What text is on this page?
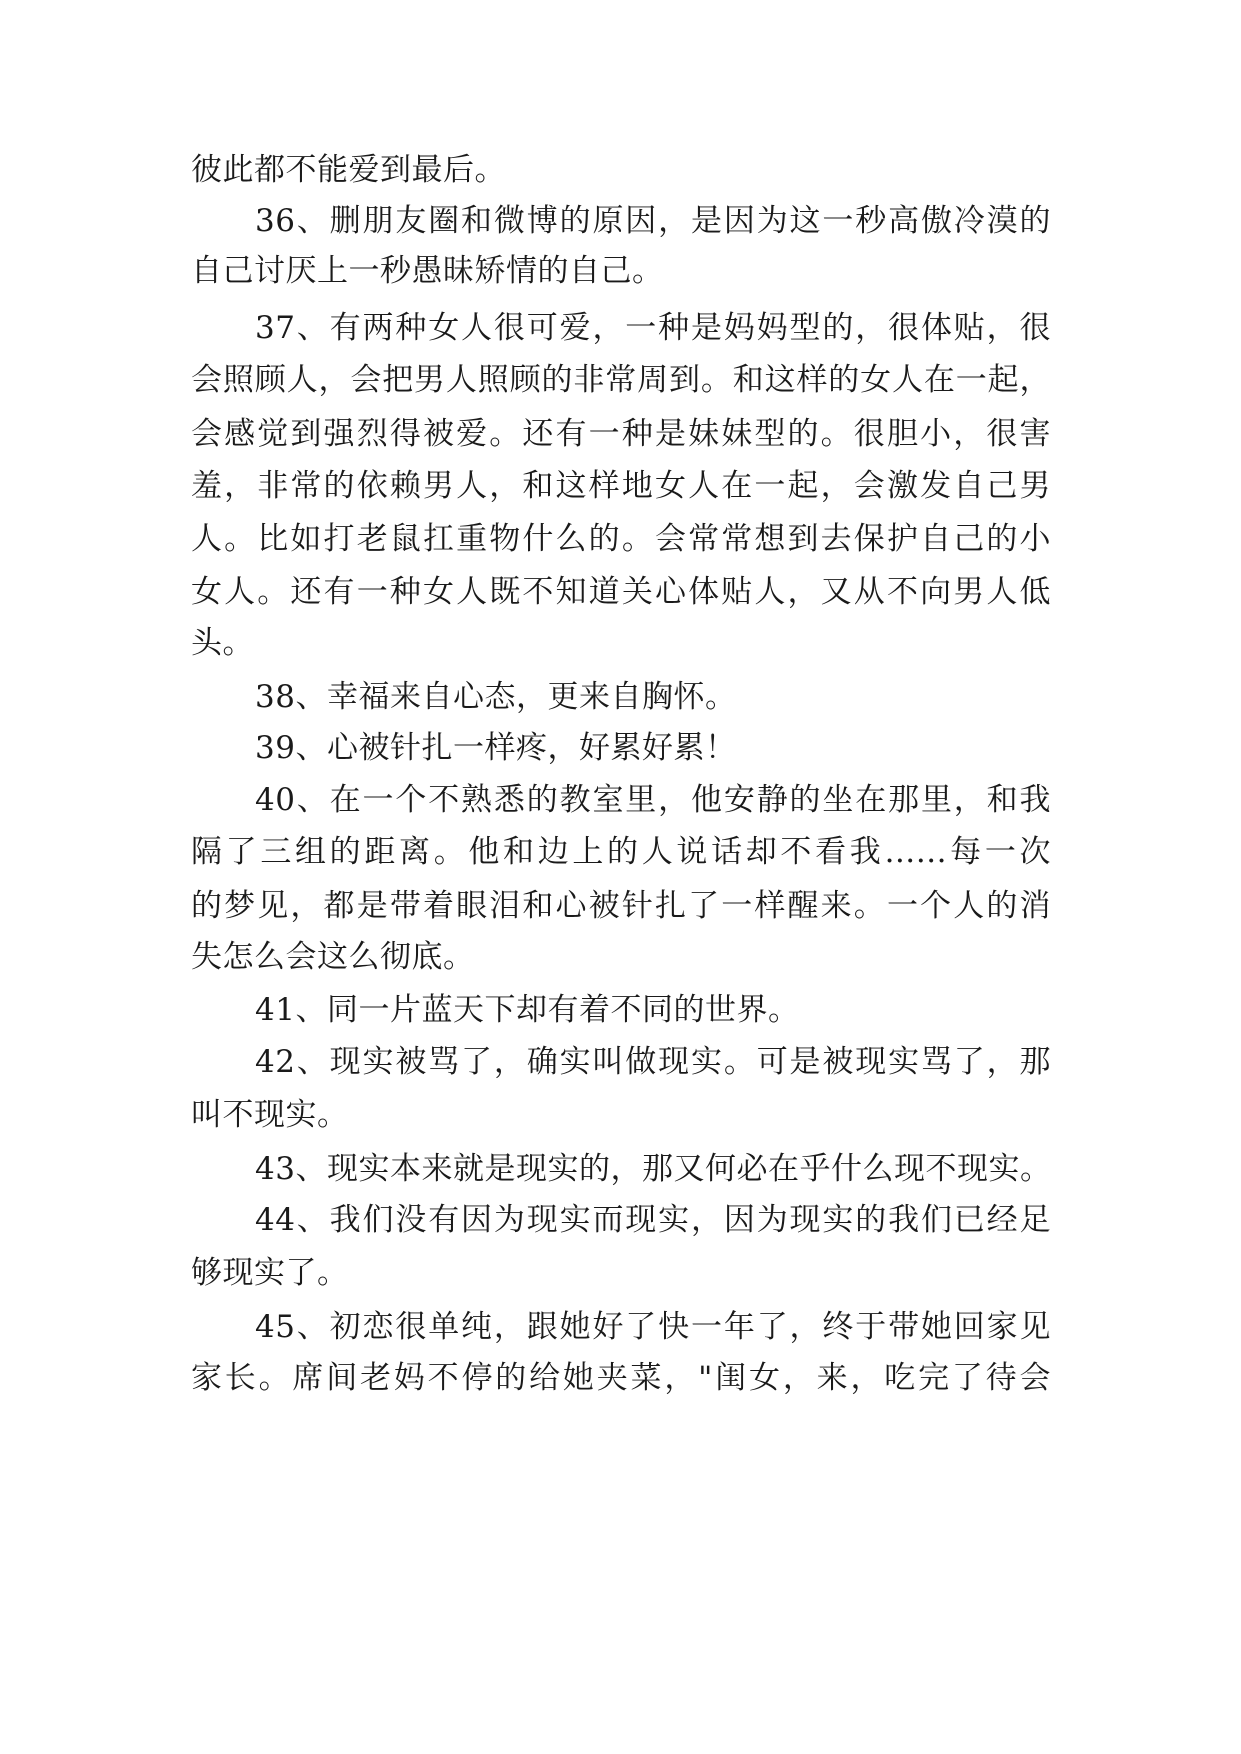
彼此都不能爱到最后。

36、删朋友圈和微博的原因，是因为这一秒高傲冷漠的

自己讨厌上一秒愚昧矫情的自己。

37、有两种女人很可爱，一种是妈妈型的，很体贴，很

会照顾人，会把男人照顾的非常周到。和这样的女人在一起，

会感觉到强烈得被爱。还有一种是妹妹型的。很胆小，很害

羞，非常的依赖男人，和这样地女人在一起，会激发自己男

人。比如打老鼠扛重物什么的。会常常想到去保护自己的小

女人。还有一种女人既不知道关心体贴人，又从不向男人低

头。

38、幸福来自心态，更来自胸怀。

39、心被针扎一样疼，好累好累！

40、在一个不熟悉的教室里，他安静的坐在那里，和我

隔了三组的距离。他和边上的人说话却不看我…...每一次

的梦见，都是带着眼泪和心被针扎了一样醒来。一个人的消

失怎么会这么彻底。

41、同一片蓝天下却有着不同的世界。

42、现实被骂了，确实叫做现实。可是被现实骂了，那

叫不现实。

43、现实本来就是现实的，那又何必在乎什么现不现实。

44、我们没有因为现实而现实，因为现实的我们已经足

够现实了。

45、初恋很单纯，跟她好了快一年了，终于带她回家见

家长。席间老妈不停的给她夹菜，"闺女，来，吃完了待会
